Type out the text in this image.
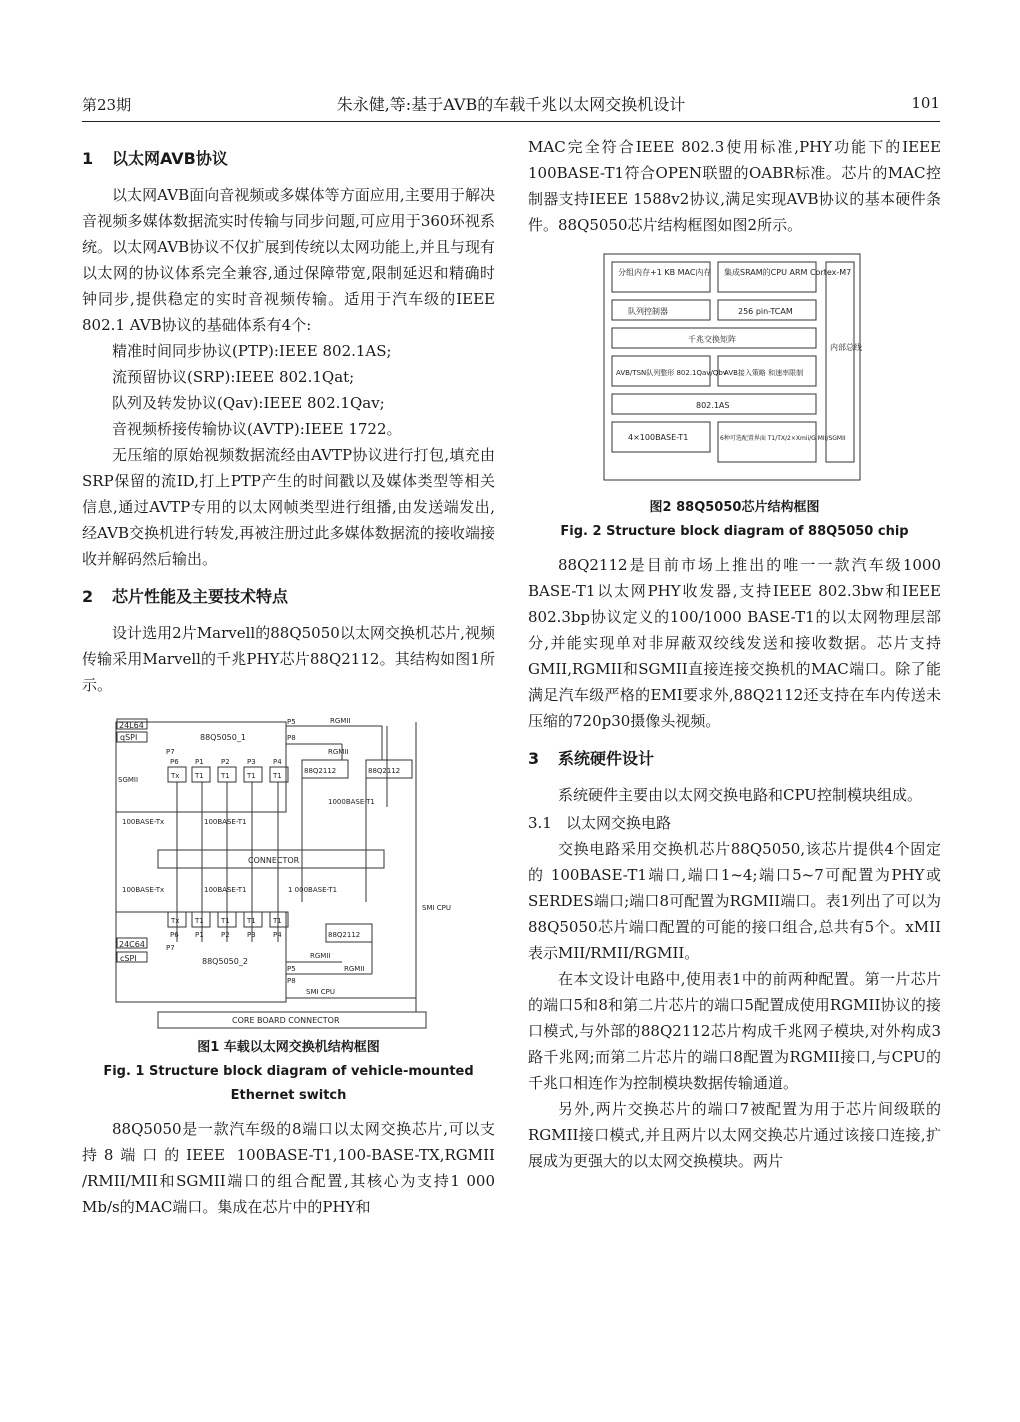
第23期	朱永健,等:基于AVB的车载千兆以太网交换机设计	101
1 以太网AVB协议

以太网AVB面向音视频或多媒体等方面应用,主要用于解决音视频多媒体数据流实时传输与同步问题,可应用于360环视系统。以太网AVB协议不仅扩展到传统以太网功能上,并且与现有以太网的协议体系完全兼容,通过保障带宽,限制延迟和精确时钟同步,提供稳定的实时音视频传输。适用于汽车级的IEEE 802.1 AVB协议的基础体系有4个:

精准时间同步协议(PTP):IEEE 802.1AS;
流预留协议(SRP):IEEE 802.1Qat;
队列及转发协议(Qav):IEEE 802.1Qav;
音视频桥接传输协议(AVTP):IEEE 1722。

无压缩的原始视频数据流经由AVTP协议进行打包,填充由SRP保留的流ID,打上PTP产生的时间戳以及媒体类型等相关信息,通过AVTP专用的以太网帧类型进行组播,由发送端发出,经AVB交换机进行转发,再被注册过此多媒体数据流的接收端接收并解码然后输出。

2 芯片性能及主要技术特点

设计选用2片Marvell的88Q5050以太网交换机芯片,视频传输采用Marvell的千兆PHY芯片88Q2112。其结构如图1所示。

24L64
qSPI	88Q5050_1
P5
P8
RGMII
RGMII
P7
P6 P1 P2 P3 P4
Tx T1 T1 T1 T1
88Q2112	88Q2112
SGMII
1000BASE-T1
100BASE-Tx	100BASE-T1
CONNECTOR
100BASE-Tx	100BASE-T1	1 000BASE-T1
SMI CPU
Tx T1 T1 T1 T1
P6 P1 P2 P3 P4	88Q2112
P7
24C64
cSPI	88Q5050_2
RGMII
P5
P8
RGMII
SMI CPU
CORE BOARD CONNECTOR
图1 车载以太网交换机结构框图
Fig. 1 Structure block diagram of vehicle-mounted
Ethernet switch

88Q5050是一款汽车级的8端口以太网交换芯片,可以支持8端口的IEEE 100BASE-T1,100-BASE-TX,RGMII /RMII/MII和SGMII端口的组合配置,其核心为支持1 000 Mb/s的MAC端口。集成在芯片中的PHY和

MAC完全符合IEEE 802.3使用标准,PHY功能下的IEEE 100BASE-T1符合OPEN联盟的OABR标准。芯片的MAC控制器支持IEEE 1588v2协议,满足实现AVB协议的基本硬件条件。88Q5050芯片结构框图如图2所示。

分组内存+1 KB MAC内存 集成SRAM的CPU ARM Cortex-M7
队列控制器	256 pin-TCAM
千兆交换矩阵
AVB/TSN队列整形 802.1Qav/Qbv
AVB接入策略 和速率限制
802.1AS
4×100BASE-T1	6种可选配置界面 T1/TX/2×Xmii/G MII/SGMII
内部总线
图2 88Q5050芯片结构框图
Fig. 2 Structure block diagram of 88Q5050 chip

88Q2112是目前市场上推出的唯一一款汽车级1000 BASE-T1以太网PHY收发器,支持IEEE 802.3bw和IEEE 802.3bp协议定义的100/1000 BASE-T1的以太网物理层部分,并能实现单对非屏蔽双绞线发送和接收数据。芯片支持GMII,RGMII和SGMII直接连接交换机的MAC端口。除了能满足汽车级严格的EMI要求外,88Q2112还支持在车内传送未压缩的720p30摄像头视频。

3 系统硬件设计

系统硬件主要由以太网交换电路和CPU控制模块组成。

3.1 以太网交换电路

交换电路采用交换机芯片88Q5050,该芯片提供4个固定的 100BASE-T1端口,端口1~4;端口5~7可配置为PHY或SERDES端口;端口8可配置为RGMII端口。表1列出了可以为88Q5050芯片端口配置的可能的接口组合,总共有5个。xMII表示MII/RMII/RGMII。

在本文设计电路中,使用表1中的前两种配置。第一片芯片的端口5和8和第二片芯片的端口5配置成使用RGMII协议的接口模式,与外部的88Q2112芯片构成千兆网子模块,对外构成3路千兆网;而第二片芯片的端口8配置为RGMII接口,与CPU的千兆口相连作为控制模块数据传输通道。

另外,两片交换芯片的端口7被配置为用于芯片间级联的RGMII接口模式,并且两片以太网交换芯片通过该接口连接,扩展成为更强大的以太网交换模块。两片
